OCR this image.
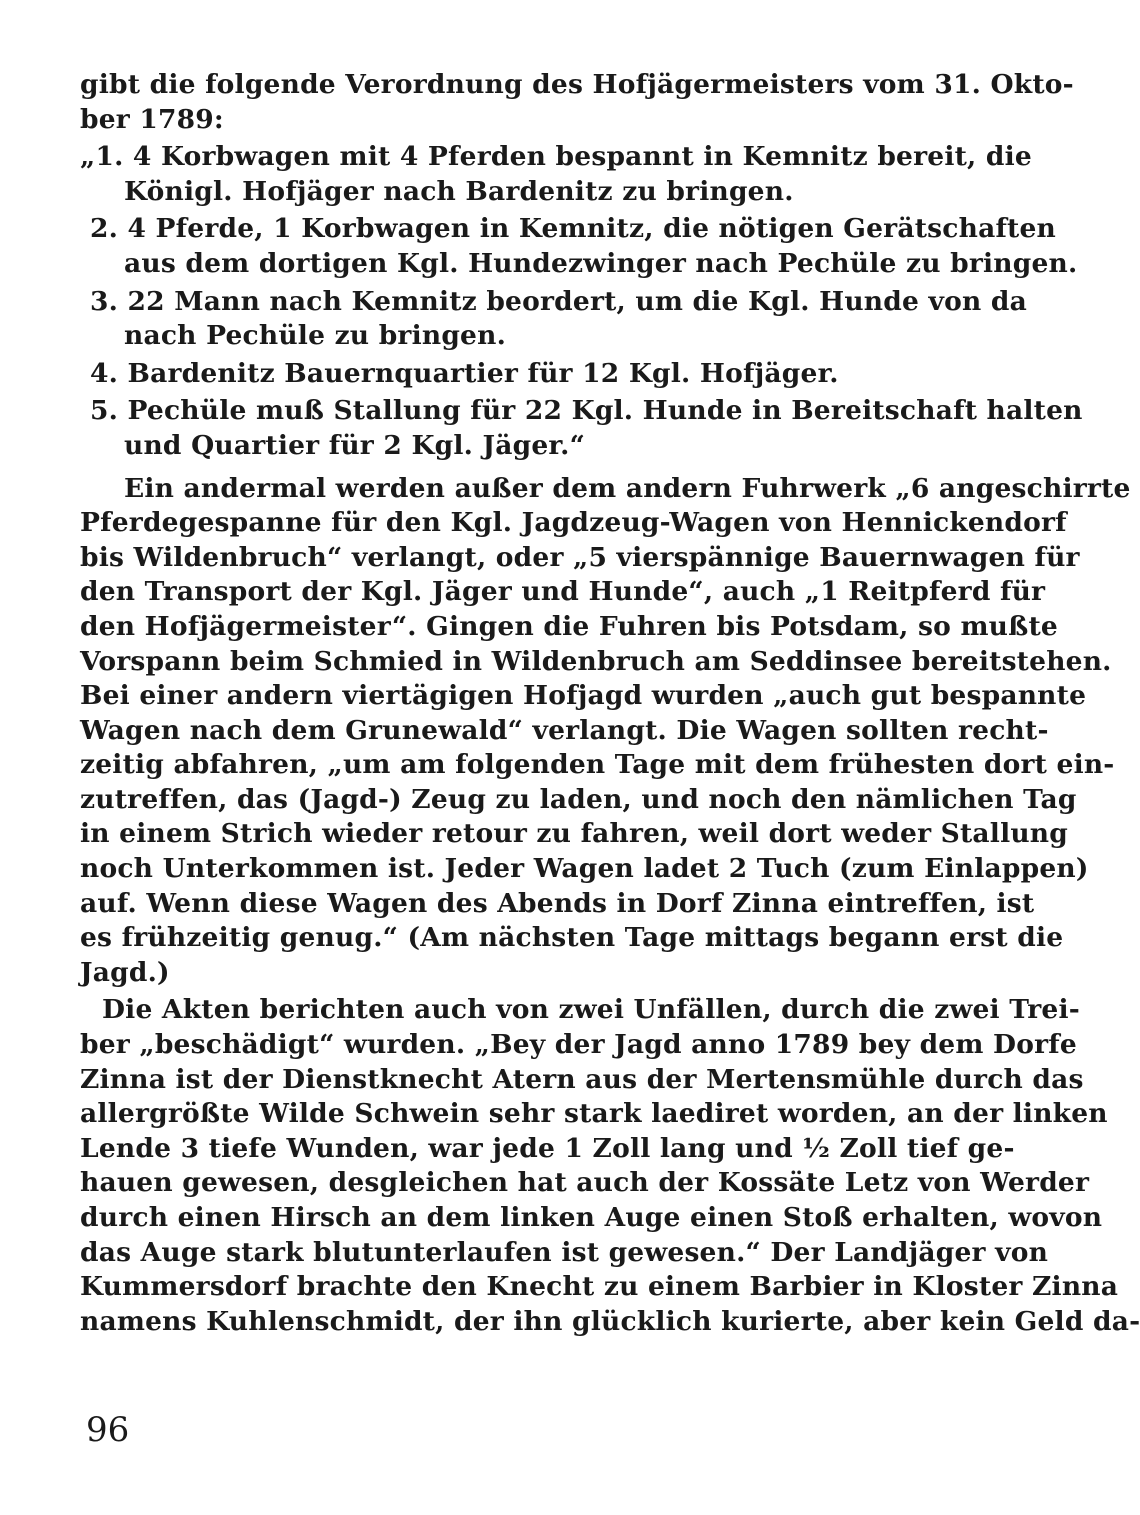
gibt die folgende Verordnung des Hofjägermeisters vom 31. Okto-
ber 1789:
„1. 4 Korbwagen mit 4 Pferden bespannt in Kemnitz bereit, die
Königl. Hofjäger nach Bardenitz zu bringen.
2. 4 Pferde, 1 Korbwagen in Kemnitz, die nötigen Gerätschaften
aus dem dortigen Kgl. Hundezwinger nach Pechüle zu bringen.
3. 22 Mann nach Kemnitz beordert, um die Kgl. Hunde von da
nach Pechüle zu bringen.
4. Bardenitz Bauernquartier für 12 Kgl. Hofjäger.
5. Pechüle muß Stallung für 22 Kgl. Hunde in Bereitschaft halten
und Quartier für 2 Kgl. Jäger.“
Ein andermal werden außer dem andern Fuhrwerk „6 angeschirrte
Pferdegespanne für den Kgl. Jagdzeug-Wagen von Hennickendorf
bis Wildenbruch“ verlangt, oder „5 vierspännige Bauernwagen für
den Transport der Kgl. Jäger und Hunde“, auch „1 Reitpferd für
den Hofjägermeister“. Gingen die Fuhren bis Potsdam, so mußte
Vorspann beim Schmied in Wildenbruch am Seddinsee bereitstehen.
Bei einer andern viertägigen Hofjagd wurden „auch gut bespannte
Wagen nach dem Grunewald“ verlangt. Die Wagen sollten recht-
zeitig abfahren, „um am folgenden Tage mit dem frühesten dort ein-
zutreffen, das (Jagd-) Zeug zu laden, und noch den nämlichen Tag
in einem Strich wieder retour zu fahren, weil dort weder Stallung
noch Unterkommen ist. Jeder Wagen ladet 2 Tuch (zum Einlappen)
auf. Wenn diese Wagen des Abends in Dorf Zinna eintreffen, ist
es frühzeitig genug.“ (Am nächsten Tage mittags begann erst die
Jagd.)
Die Akten berichten auch von zwei Unfällen, durch die zwei Trei-
ber „beschädigt“ wurden. „Bey der Jagd anno 1789 bey dem Dorfe
Zinna ist der Dienstknecht Atern aus der Mertensmühle durch das
allergrößte Wilde Schwein sehr stark laediret worden, an der linken
Lende 3 tiefe Wunden, war jede 1 Zoll lang und ½ Zoll tief ge-
hauen gewesen, desgleichen hat auch der Kossäte Letz von Werder
durch einen Hirsch an dem linken Auge einen Stoß erhalten, wovon
das Auge stark blutunterlaufen ist gewesen.“ Der Landjäger von
Kummersdorf brachte den Knecht zu einem Barbier in Kloster Zinna
namens Kuhlenschmidt, der ihn glücklich kurierte, aber kein Geld da-
96
